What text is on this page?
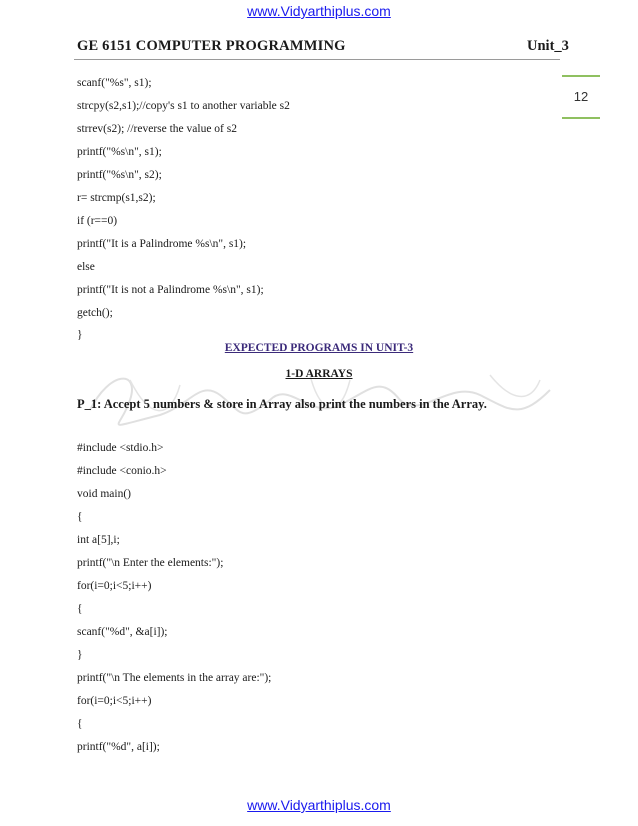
www.Vidyarthiplus.com
GE 6151 COMPUTER PROGRAMMING	Unit_3
12
scanf("%s", s1);
strcpy(s2,s1);//copy's s1 to another variable s2
strrev(s2); //reverse the value of s2
printf("%s\n", s1);
printf("%s\n", s2);
r= strcmp(s1,s2);
if (r==0)
printf("It is a Palindrome %s\n", s1);
else
printf("It is not a Palindrome %s\n", s1);
getch();
}
EXPECTED PROGRAMS IN UNIT-3
1-D ARRAYS
P_1: Accept 5 numbers & store in Array also print the numbers in the Array.
#include <stdio.h>
#include <conio.h>
void main()
{
int a[5],i;
printf("\n Enter the elements:");
for(i=0;i<5;i++)
{
scanf("%d", &a[i]);
}
printf("\n The elements in the array are:");
for(i=0;i<5;i++)
{
printf("%d", a[i]);
www.Vidyarthiplus.com
